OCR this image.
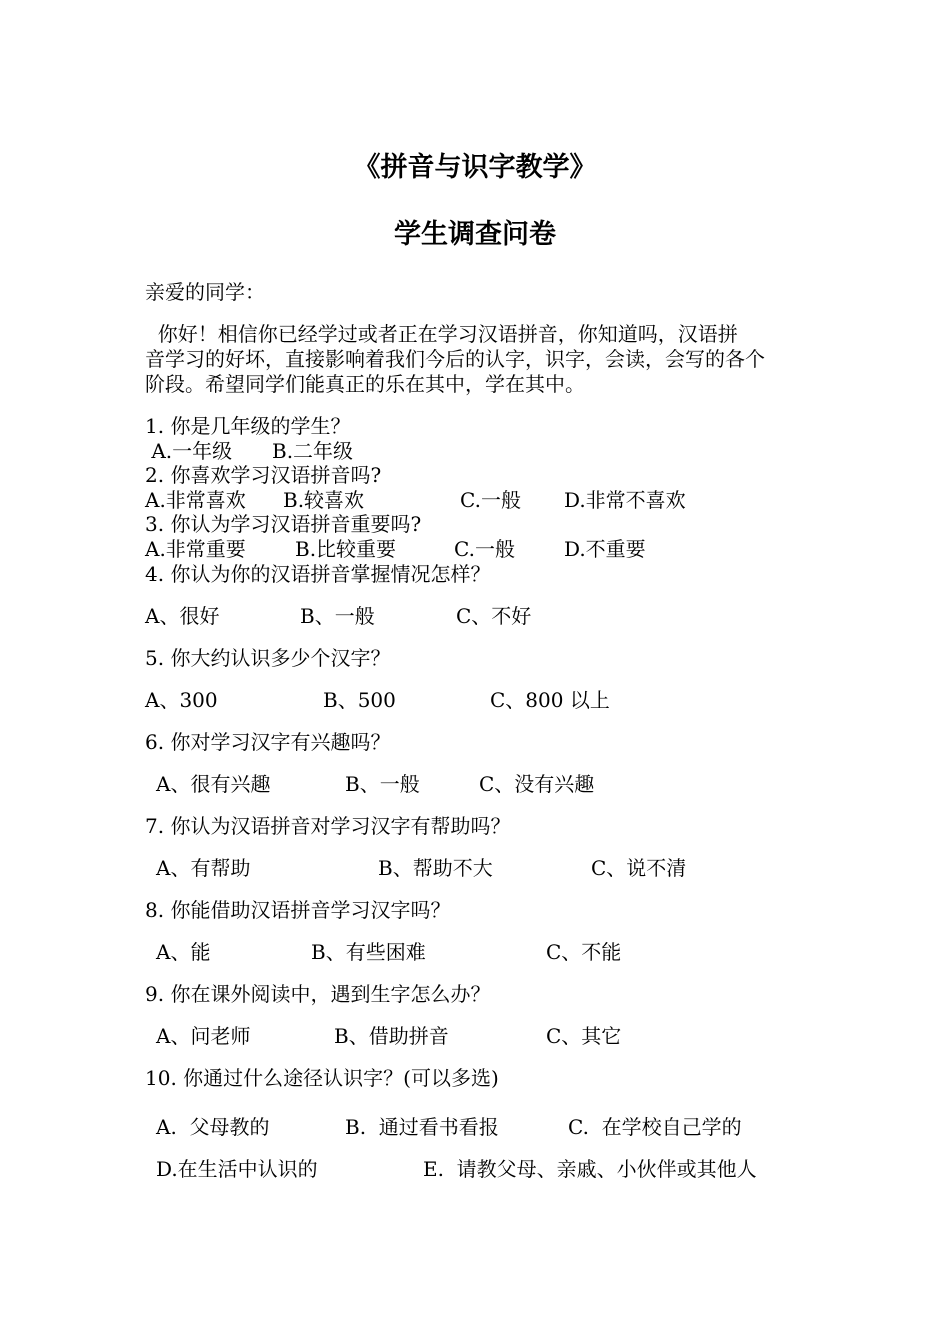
《拼音与识字教学》
学生调查问卷
亲爱的同学：
你好！相信你已经学过或者正在学习汉语拼音，你知道吗，汉语拼
音学习的好坏，直接影响着我们今后的认字，识字，会读，会写的各个
阶段。希望同学们能真正的乐在其中，学在其中。
1. 你是几年级的学生？
A.一年级 B.二年级
2. 你喜欢学习汉语拼音吗?
A.非常喜欢 B.较喜欢	C.一般 D.非常不喜欢
3. 你认为学习汉语拼音重要吗?
A.非常重要 B.比较重要	C.一般 D.不重要
4. 你认为你的汉语拼音掌握情况怎样？
A、很好	B、一般	C、不好
5. 你大约认识多少个汉字？
A、300	B、500	C、800 以上
6. 你对学习汉字有兴趣吗？
A、很有兴趣	B、一般	C、没有兴趣
7. 你认为汉语拼音对学习汉字有帮助吗？
A、有帮助	B、帮助不大	C、说不清
8. 你能借助汉语拼音学习汉字吗？
A、能	B、有些困难	C、不能
9. 你在课外阅读中，遇到生字怎么办？
A、问老师	B、借助拼音	C、其它
10. 你通过什么途径认识字？(可以多选)
A.  父母教的	B.  通过看书看报	C.  在学校自己学的
D.在生活中认识的	E.  请教父母、亲戚、小伙伴或其他人
